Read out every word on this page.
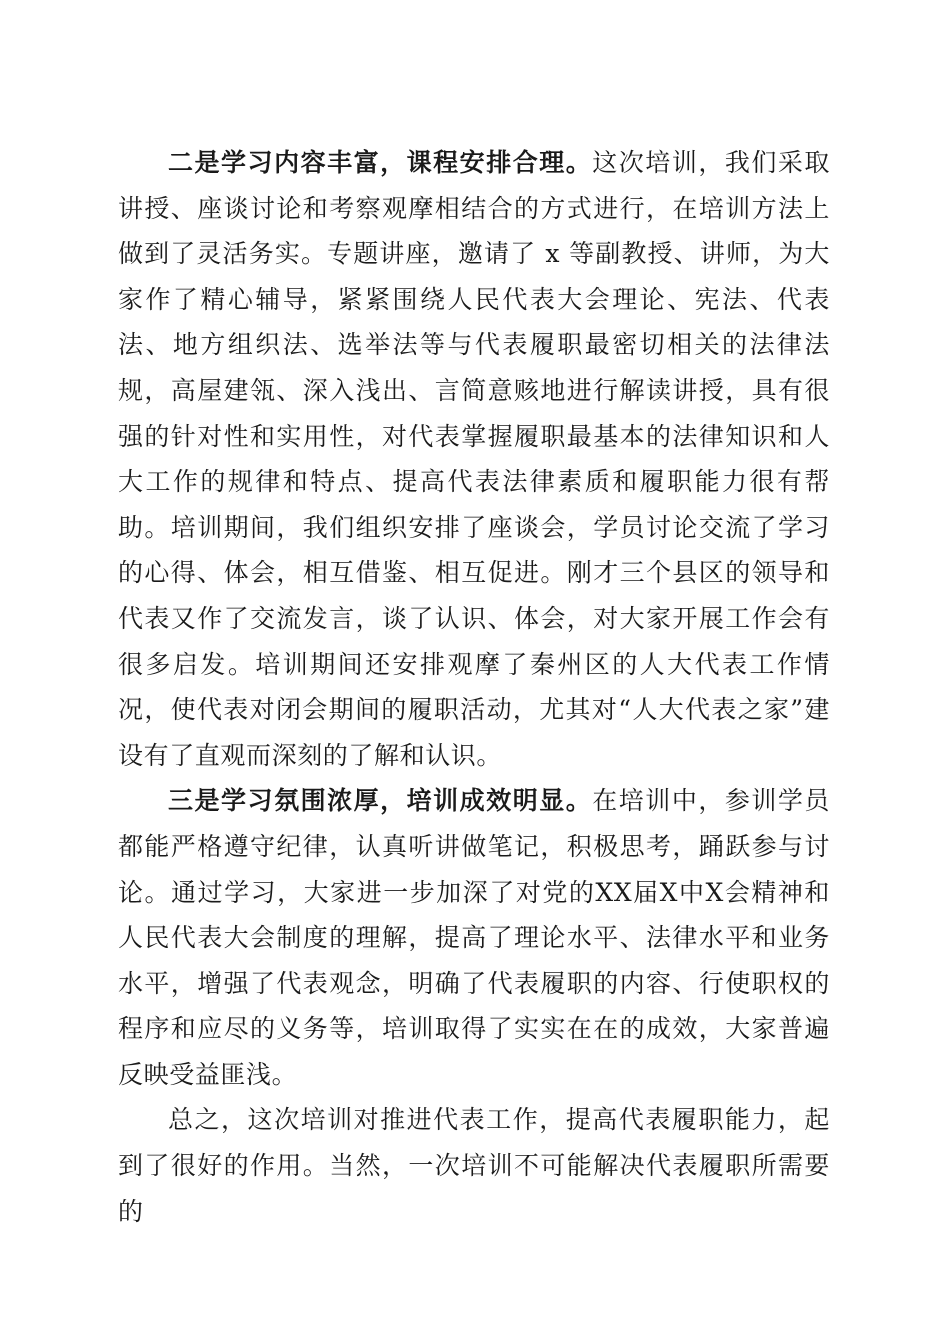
二是学习内容丰富，课程安排合理。这次培训，我们采取讲授、座谈讨论和考察观摩相结合的方式进行，在培训方法上做到了灵活务实。专题讲座，邀请了 x 等副教授、讲师，为大家作了精心辅导，紧紧围绕人民代表大会理论、宪法、代表法、地方组织法、选举法等与代表履职最密切相关的法律法规，高屋建瓴、深入浅出、言简意赅地进行解读讲授，具有很强的针对性和实用性，对代表掌握履职最基本的法律知识和人大工作的规律和特点、提高代表法律素质和履职能力很有帮助。培训期间，我们组织安排了座谈会，学员讨论交流了学习的心得、体会，相互借鉴、相互促进。刚才三个县区的领导和代表又作了交流发言，谈了认识、体会，对大家开展工作会有很多启发。培训期间还安排观摩了秦州区的人大代表工作情况，使代表对闭会期间的履职活动，尤其对“人大代表之家”建设有了直观而深刻的了解和认识。

三是学习氛围浓厚，培训成效明显。在培训中，参训学员都能严格遵守纪律，认真听讲做笔记，积极思考，踊跃参与讨论。通过学习，大家进一步加深了对党的XX届X中X会精神和人民代表大会制度的理解，提高了理论水平、法律水平和业务水平，增强了代表观念，明确了代表履职的内容、行使职权的程序和应尽的义务等，培训取得了实实在在的成效，大家普遍反映受益匪浅。

总之，这次培训对推进代表工作，提高代表履职能力，起到了很好的作用。当然，一次培训不可能解决代表履职所需要的
